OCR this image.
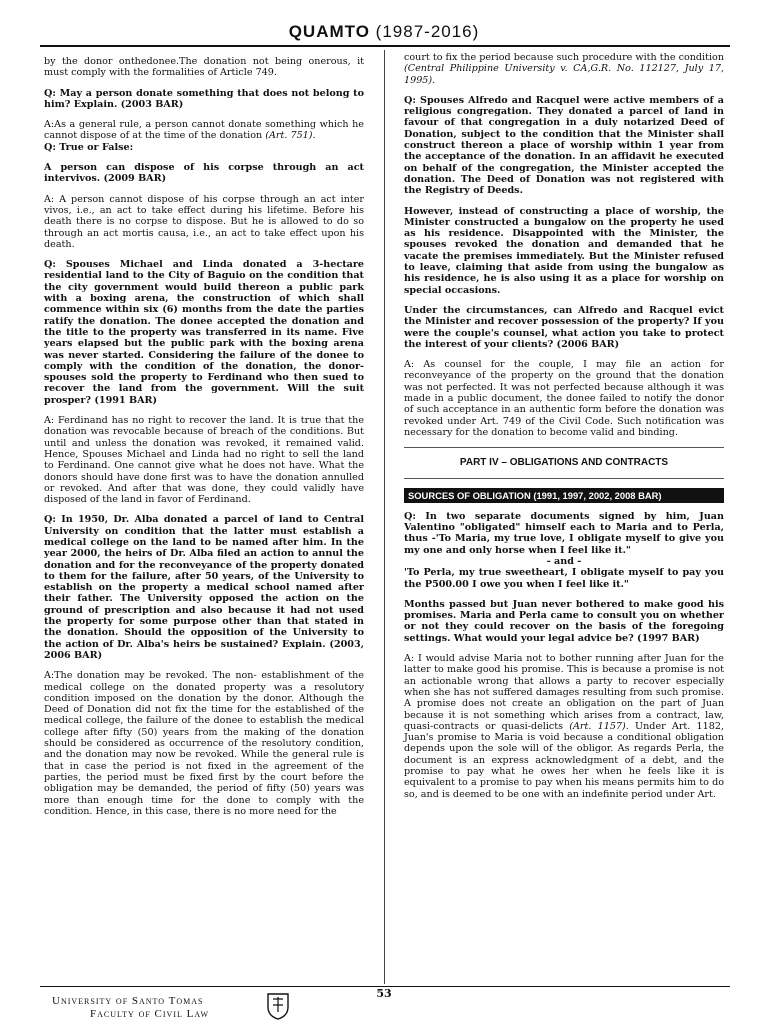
QUAMTO (1987-2016)

by the donor onthedonee.The donation not being onerous, it must comply with the formalities of Article 749.

Q: May a person donate something that does not belong to him? Explain. (2003 BAR)

A:As a general rule, a person cannot donate something which he cannot dispose of at the time of the donation (Art. 751).
Q: True or False:

A person can dispose of his corpse through an act intervivos. (2009 BAR)

A: A person cannot dispose of his corpse through an act inter vivos, i.e., an act to take effect during his lifetime. Before his death there is no corpse to dispose. But he is allowed to do so through an act mortis causa, i.e., an act to take effect upon his death.

Q: Spouses Michael and Linda donated a 3-hectare residential land to the City of Baguio on the condition that the city government would build thereon a public park with a boxing arena, the construction of which shall commence within six (6) months from the date the parties ratify the donation. The donee accepted the donation and the title to the property was transferred in its name. Five years elapsed but the public park with the boxing arena was never started. Considering the failure of the donee to comply with the condition of the donation, the donor-spouses sold the property to Ferdinand who then sued to recover the land from the government. Will the suit prosper? (1991 BAR)

A: Ferdinand has no right to recover the land. It is true that the donation was revocable because of breach of the conditions. But until and unless the donation was revoked, it remained valid. Hence, Spouses Michael and Linda had no right to sell the land to Ferdinand. One cannot give what he does not have. What the donors should have done first was to have the donation annulled or revoked. And after that was done, they could validly have disposed of the land in favor of Ferdinand.

Q: In 1950, Dr. Alba donated a parcel of land to Central University on condition that the latter must establish a medical college on the land to be named after him. In the year 2000, the heirs of Dr. Alba filed an action to annul the donation and for the reconveyance of the property donated to them for the failure, after 50 years, of the University to establish on the property a medical school named after their father. The University opposed the action on the ground of prescription and also because it had not used the property for some purpose other than that stated in the donation. Should the opposition of the University to the action of Dr. Alba's heirs be sustained? Explain. (2003, 2006 BAR)

A:The donation may be revoked. The non- establishment of the medical college on the donated property was a resolutory condition imposed on the donation by the donor. Although the Deed of Donation did not fix the time for the established of the medical college, the failure of the donee to establish the medical college after fifty (50) years from the making of the donation should be considered as occurrence of the resolutory condition, and the donation may now be revoked. While the general rule is that in case the period is not fixed in the agreement of the parties, the period must be fixed first by the court before the obligation may be demanded, the period of fifty (50) years was more than enough time for the done to comply with the condition. Hence, in this case, there is no more need for the

court to fix the period because such procedure with the condition (Central Philippine University v. CA,G.R. No. 112127, July 17, 1995).

Q: Spouses Alfredo and Racquel were active members of a religious congregation. They donated a parcel of land in favour of that congregation in a duly notarized Deed of Donation, subject to the condition that the Minister shall construct thereon a place of worship within 1 year from the acceptance of the donation. In an affidavit he executed on behalf of the congregation, the Minister accepted the donation. The Deed of Donation was not registered with the Registry of Deeds.

However, instead of constructing a place of worship, the Minister constructed a bungalow on the property he used as his residence. Disappointed with the Minister, the spouses revoked the donation and demanded that he vacate the premises immediately. But the Minister refused to leave, claiming that aside from using the bungalow as his residence, he is also using it as a place for worship on special occasions.

Under the circumstances, can Alfredo and Racquel evict the Minister and recover possession of the property? If you were the couple's counsel, what action you take to protect the interest of your clients? (2006 BAR)

A: As counsel for the couple, I may file an action for reconveyance of the property on the ground that the donation was not perfected. It was not perfected because although it was made in a public document, the donee failed to notify the donor of such acceptance in an authentic form before the donation was revoked under Art. 749 of the Civil Code. Such notification was necessary for the donation to become valid and binding.

PART IV – OBLIGATIONS AND CONTRACTS
SOURCES OF OBLIGATION (1991, 1997, 2002, 2008 BAR)

Q: In two separate documents signed by him, Juan Valentino "obligated" himself each to Maria and to Perla, thus -'To Maria, my true love, I obligate myself to give you my one and only horse when I feel like it."

- and -
'To Perla, my true sweetheart, I obligate myself to pay you the P500.00 I owe you when I feel like it."

Months passed but Juan never bothered to make good his promises. Maria and Perla came to consult you on whether or not they could recover on the basis of the foregoing settings. What would your legal advice be? (1997 BAR)

A: I would advise Maria not to bother running after Juan for the latter to make good his promise. This is because a promise is not an actionable wrong that allows a party to recover especially when she has not suffered damages resulting from such promise. A promise does not create an obligation on the part of Juan because it is not something which arises from a contract, law, quasi-contracts or quasi-delicts (Art. 1157). Under Art. 1182, Juan's promise to Maria is void because a conditional obligation depends upon the sole will of the obligor. As regards Perla, the document is an express acknowledgment of a debt, and the promise to pay what he owes her when he feels like it is equivalent to a promise to pay when his means permits him to do so, and is deemed to be one with an indefinite period under Art.

53
University of Santo Tomas
Faculty of Civil Law
